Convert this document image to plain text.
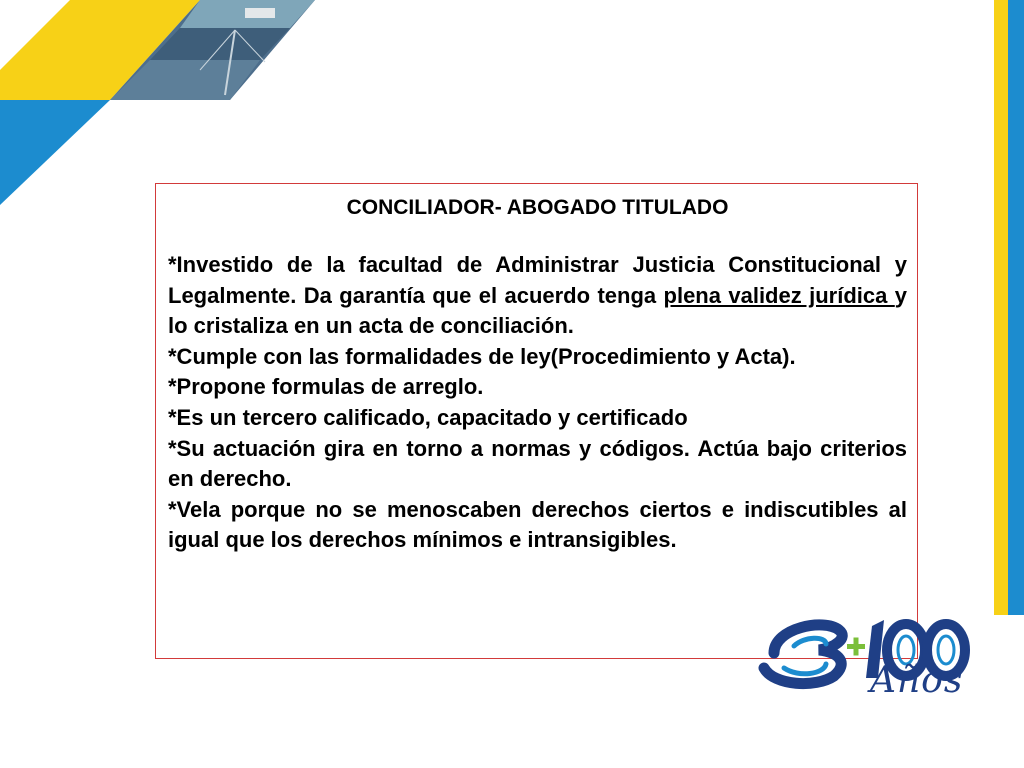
CONCILIADOR- ABOGADO TITULADO

*Investido de la facultad de Administrar Justicia Constitucional y Legalmente. Da garantía que el acuerdo tenga plena validez jurídica y lo cristaliza en un acta de conciliación.

*Cumple con las formalidades de ley(Procedimiento y Acta).

*Propone formulas de arreglo.

*Es un tercero calificado, capacitado y certificado

*Su actuación gira en torno a normas y códigos. Actúa bajo criterios en derecho.

*Vela porque no se menoscaben derechos ciertos e indiscutibles al igual que los derechos mínimos e intransigibles.

Años
